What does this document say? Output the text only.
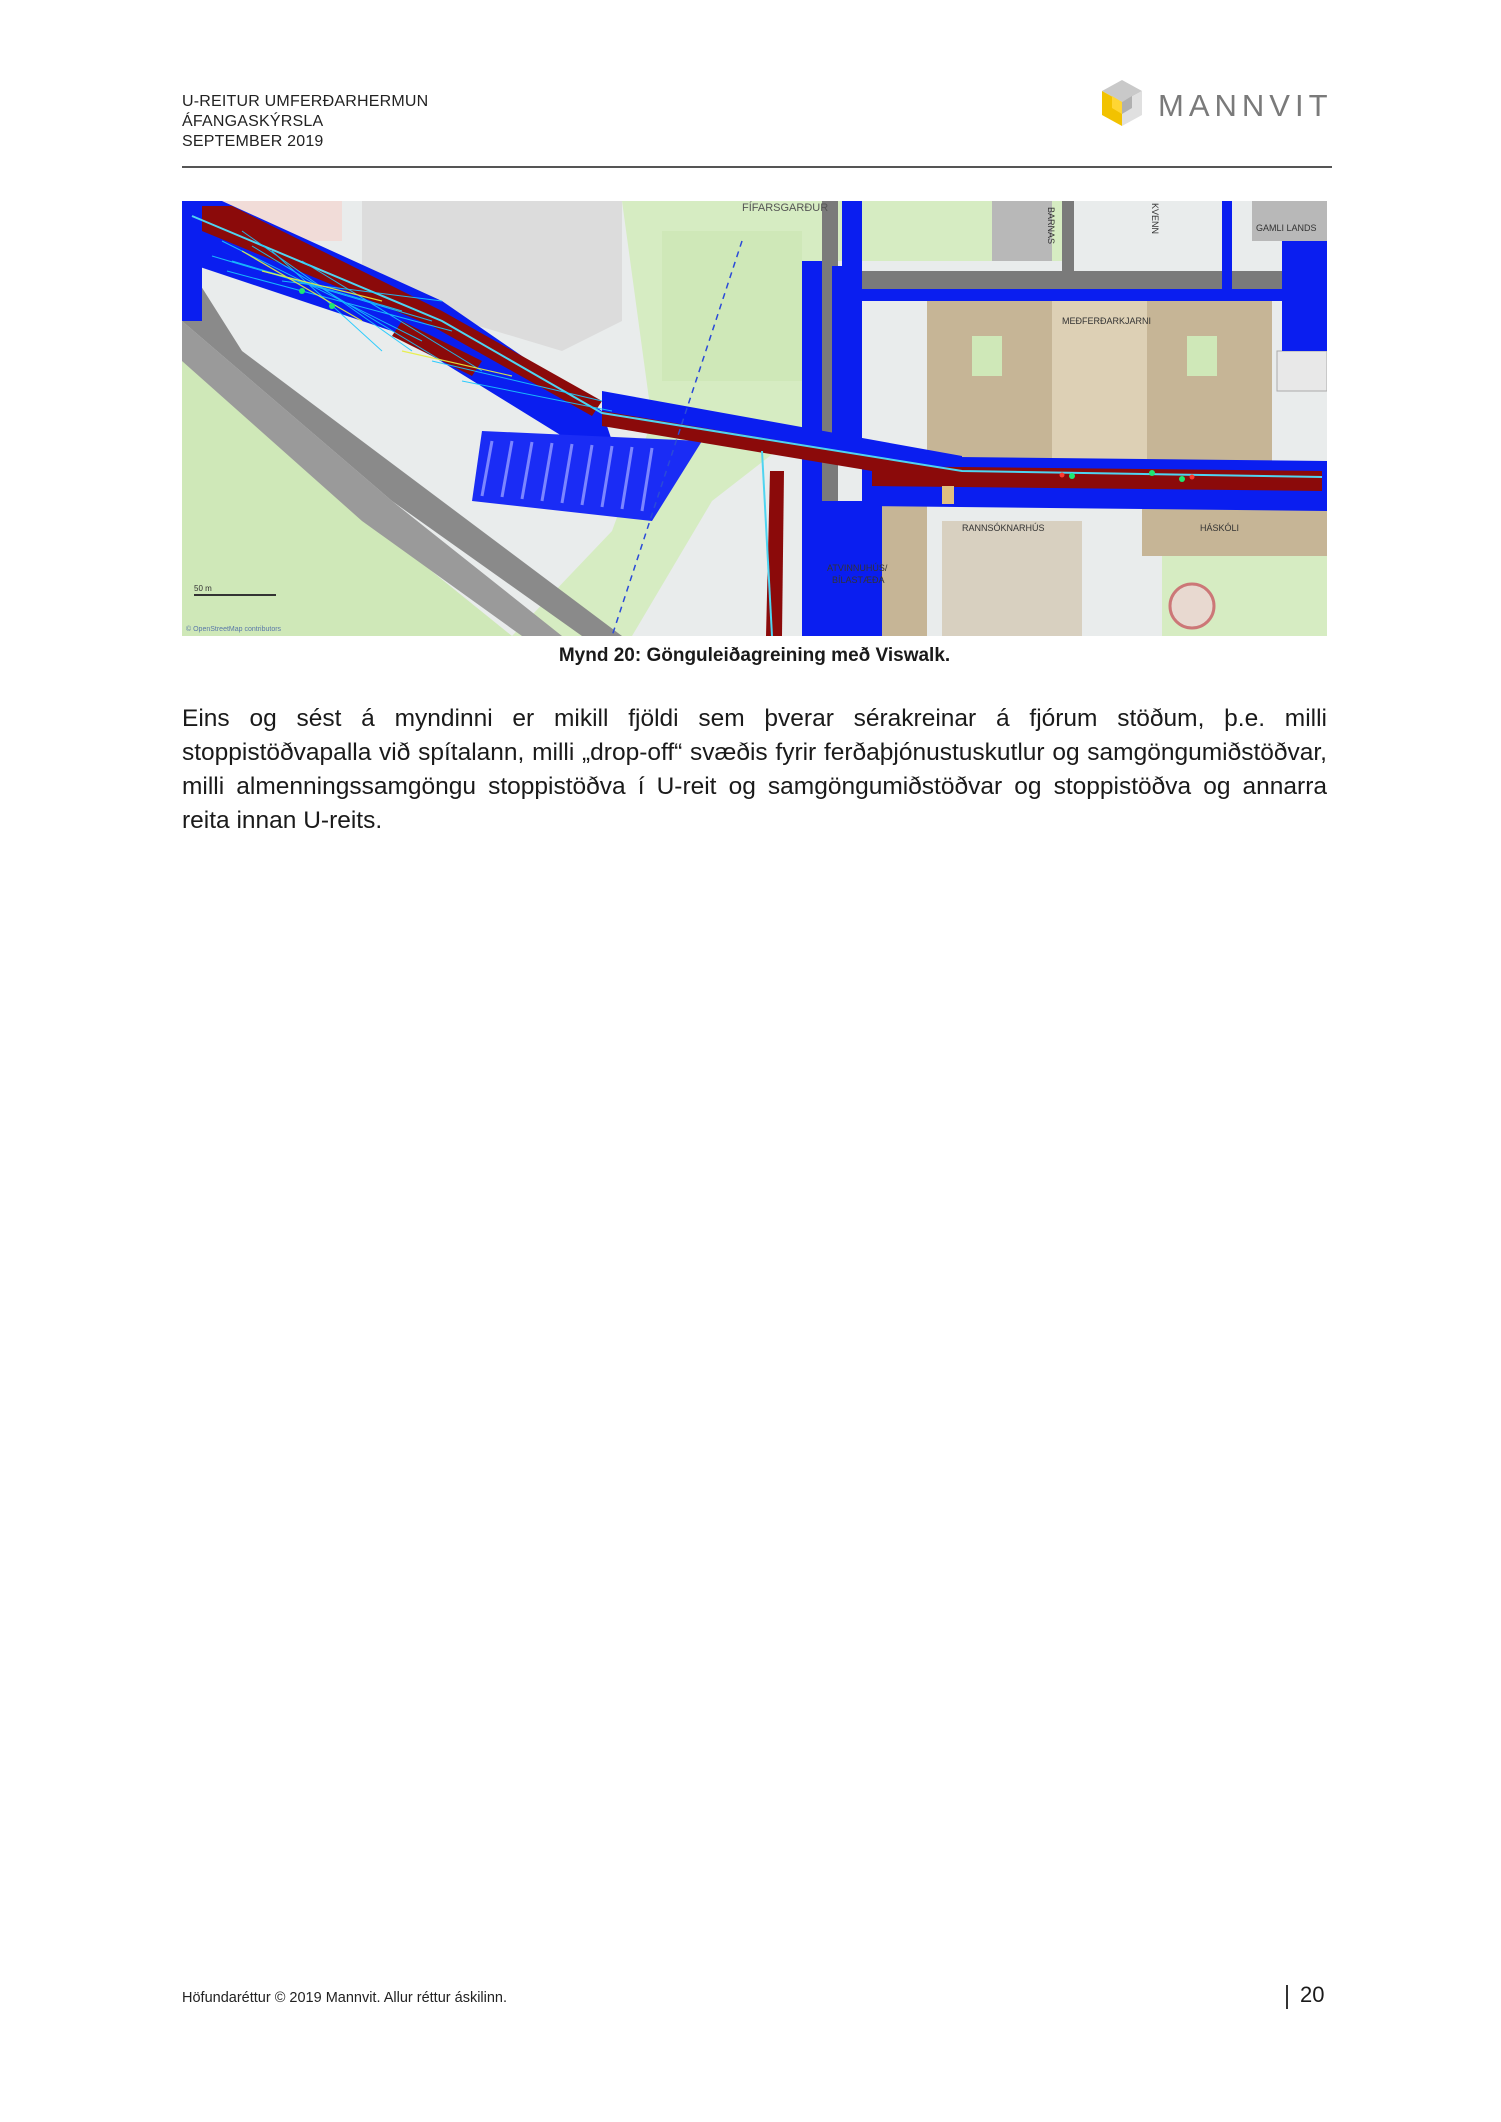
U-REITUR UMFERÐARHERMUN
ÁFANGASKÝRSLA
SEPTEMBER 2019
MANNVIT
FÍFARSGARÐUR
MEÐFERÐARKJARNI
RANNSÓKNARHÚS	HÁSKÓLI
ATVINNUHÚS/
BÍLASTÆÐA
BARNAS	KVENN	GAMLI LANDS
50 m
© OpenStreetMap contributors
Mynd 20: Gönguleiðagreining með Viswalk.
Eins og sést á myndinni er mikill fjöldi sem þverar sérakreinar á fjórum stöðum, þ.e. milli stoppistöðvapalla við spítalann, milli „drop-off“ svæðis fyrir ferðaþjónustuskutlur og samgöngumiðstöðvar, milli almenningssamgöngu stoppistöðva í U-reit og samgöngumiðstöðvar og stoppistöðva og annarra reita innan U-reits.
Höfundaréttur © 2019 Mannvit. Allur réttur áskilinn.	20
